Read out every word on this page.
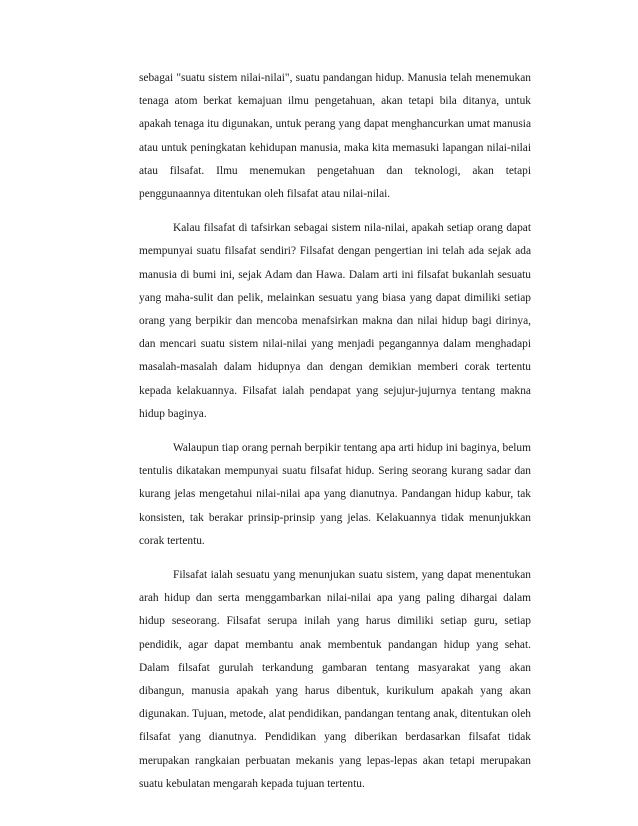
sebagai "suatu sistem nilai-nilai", suatu pandangan hidup. Manusia telah menemukan tenaga atom berkat kemajuan ilmu pengetahuan, akan tetapi bila ditanya, untuk apakah tenaga itu digunakan, untuk perang yang dapat menghancurkan umat manusia atau untuk peningkatan kehidupan manusia, maka kita memasuki lapangan nilai-nilai atau filsafat. Ilmu menemukan pengetahuan dan teknologi, akan tetapi penggunaannya ditentukan oleh filsafat atau nilai-nilai.

Kalau filsafat di tafsirkan sebagai sistem nila-nilai, apakah setiap orang dapat mempunyai suatu filsafat sendiri? Filsafat dengan pengertian ini telah ada sejak ada manusia di bumi ini, sejak Adam dan Hawa. Dalam arti ini filsafat bukanlah sesuatu yang maha-sulit dan pelik, melainkan sesuatu yang biasa yang dapat dimiliki setiap orang yang berpikir dan mencoba menafsirkan makna dan nilai hidup bagi dirinya, dan mencari suatu sistem nilai-nilai yang menjadi pegangannya dalam menghadapi masalah-masalah dalam hidupnya dan dengan demikian memberi corak tertentu kepada kelakuannya. Filsafat ialah pendapat yang sejujur-jujurnya tentang makna hidup baginya.

Walaupun tiap orang pernah berpikir tentang apa arti hidup ini baginya, belum tentulis dikatakan mempunyai suatu filsafat hidup. Sering seorang kurang sadar dan kurang jelas mengetahui nilai-nilai apa yang dianutnya. Pandangan hidup kabur, tak konsisten, tak berakar prinsip-prinsip yang jelas. Kelakuannya tidak menunjukkan corak tertentu.

Filsafat ialah sesuatu yang menunjukan suatu sistem, yang dapat menentukan arah hidup dan serta menggambarkan nilai-nilai apa yang paling dihargai dalam hidup seseorang. Filsafat serupa inilah yang harus dimiliki setiap guru, setiap pendidik, agar dapat membantu anak membentuk pandangan hidup yang sehat. Dalam filsafat gurulah terkandung gambaran tentang masyarakat yang akan dibangun, manusia apakah yang harus dibentuk, kurikulum apakah yang akan digunakan. Tujuan, metode, alat pendidikan, pandangan tentang anak, ditentukan oleh filsafat yang dianutnya. Pendidikan yang diberikan berdasarkan filsafat tidak merupakan rangkaian perbuatan mekanis yang lepas-lepas akan tetapi merupakan suatu kebulatan mengarah kepada tujuan tertentu.
